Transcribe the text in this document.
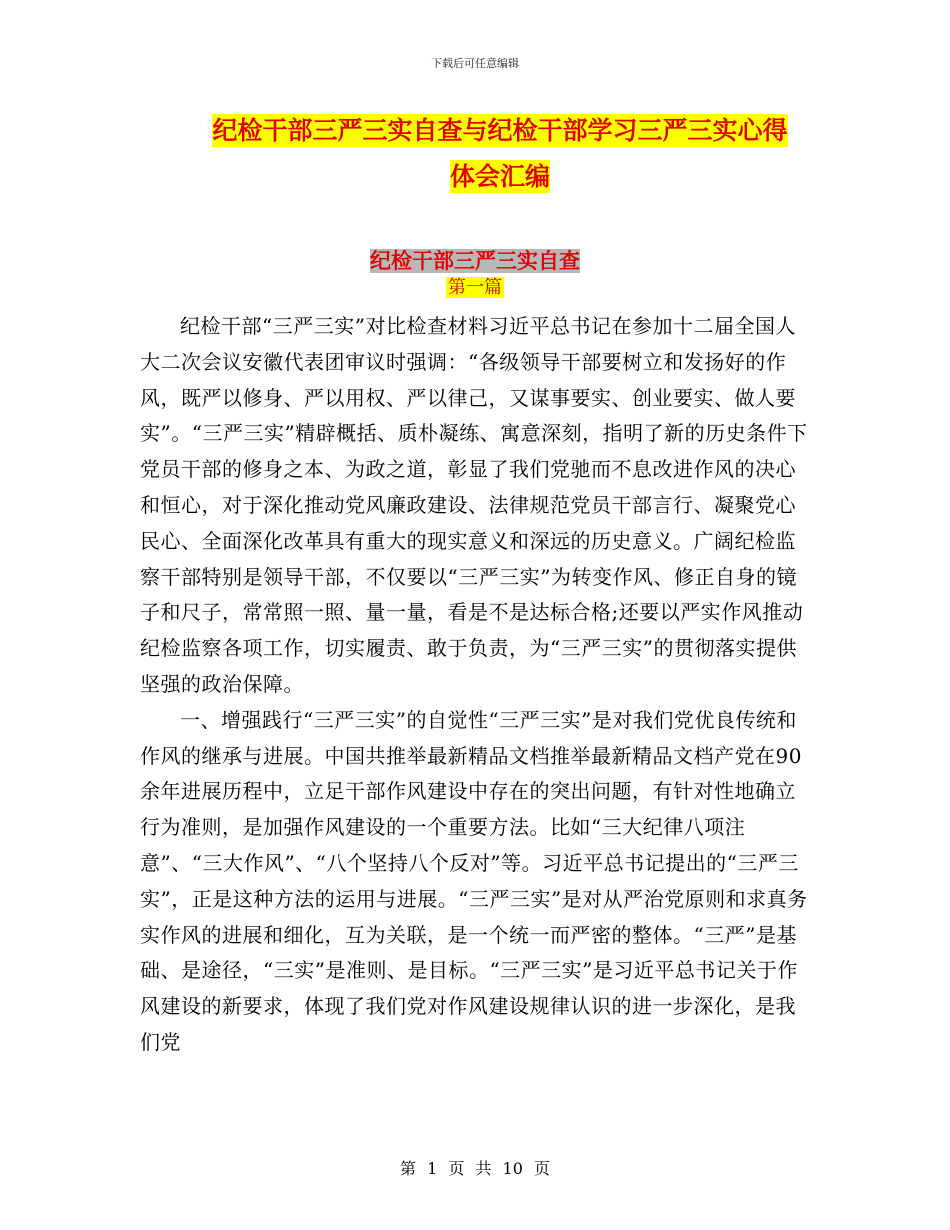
下载后可任意编辑
纪检干部三严三实自查与纪检干部学习三严三实心得
体会汇编
纪检干部三严三实自查
第一篇

纪检干部“三严三实”对比检查材料习近平总书记在参加十二届全国人大二次会议安徽代表团审议时强调：“各级领导干部要树立和发扬好的作风，既严以修身、严以用权、严以律己，又谋事要实、创业要实、做人要实”。“三严三实”精辟概括、质朴凝练、寓意深刻，指明了新的历史条件下党员干部的修身之本、为政之道，彰显了我们党驰而不息改进作风的决心和恒心，对于深化推动党风廉政建设、法律规范党员干部言行、凝聚党心民心、全面深化改革具有重大的现实意义和深远的历史意义。广阔纪检监察干部特别是领导干部，不仅要以“三严三实”为转变作风、修正自身的镜子和尺子，常常照一照、量一量，看是不是达标合格;还要以严实作风推动纪检监察各项工作，切实履责、敢于负责，为“三严三实”的贯彻落实提供坚强的政治保障。

一、增强践行“三严三实”的自觉性“三严三实”是对我们党优良传统和作风的继承与进展。中国共推举最新精品文档推举最新精品文档产党在90余年进展历程中，立足干部作风建设中存在的突出问题，有针对性地确立行为准则，是加强作风建设的一个重要方法。比如“三大纪律八项注意”、“三大作风”、“八个坚持八个反对”等。习近平总书记提出的“三严三实”，正是这种方法的运用与进展。“三严三实”是对从严治党原则和求真务实作风的进展和细化，互为关联，是一个统一而严密的整体。“三严”是基础、是途径，“三实”是准则、是目标。“三严三实”是习近平总书记关于作风建设的新要求，体现了我们党对作风建设规律认识的进一步深化，是我们党

第 1 页 共 10 页
